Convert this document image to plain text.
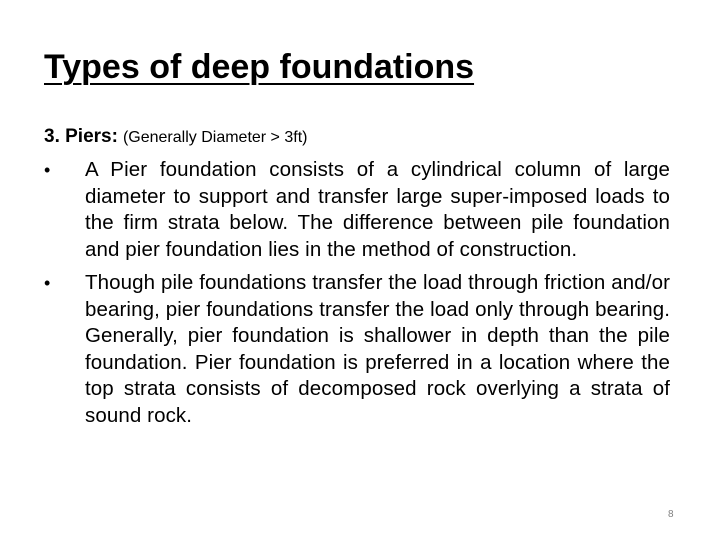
Types of deep foundations
3. Piers: (Generally Diameter > 3ft)
•	A Pier foundation consists of a cylindrical column of large diameter to support and transfer large super-imposed loads to the firm strata below. The difference between pile foundation and pier foundation lies in the method of construction.
•	Though pile foundations transfer the load through friction and/or bearing, pier foundations transfer the load only through bearing. Generally, pier foundation is shallower in depth than the pile foundation. Pier foundation is preferred in a location where the top strata consists of decomposed rock overlying a strata of sound rock.
8
